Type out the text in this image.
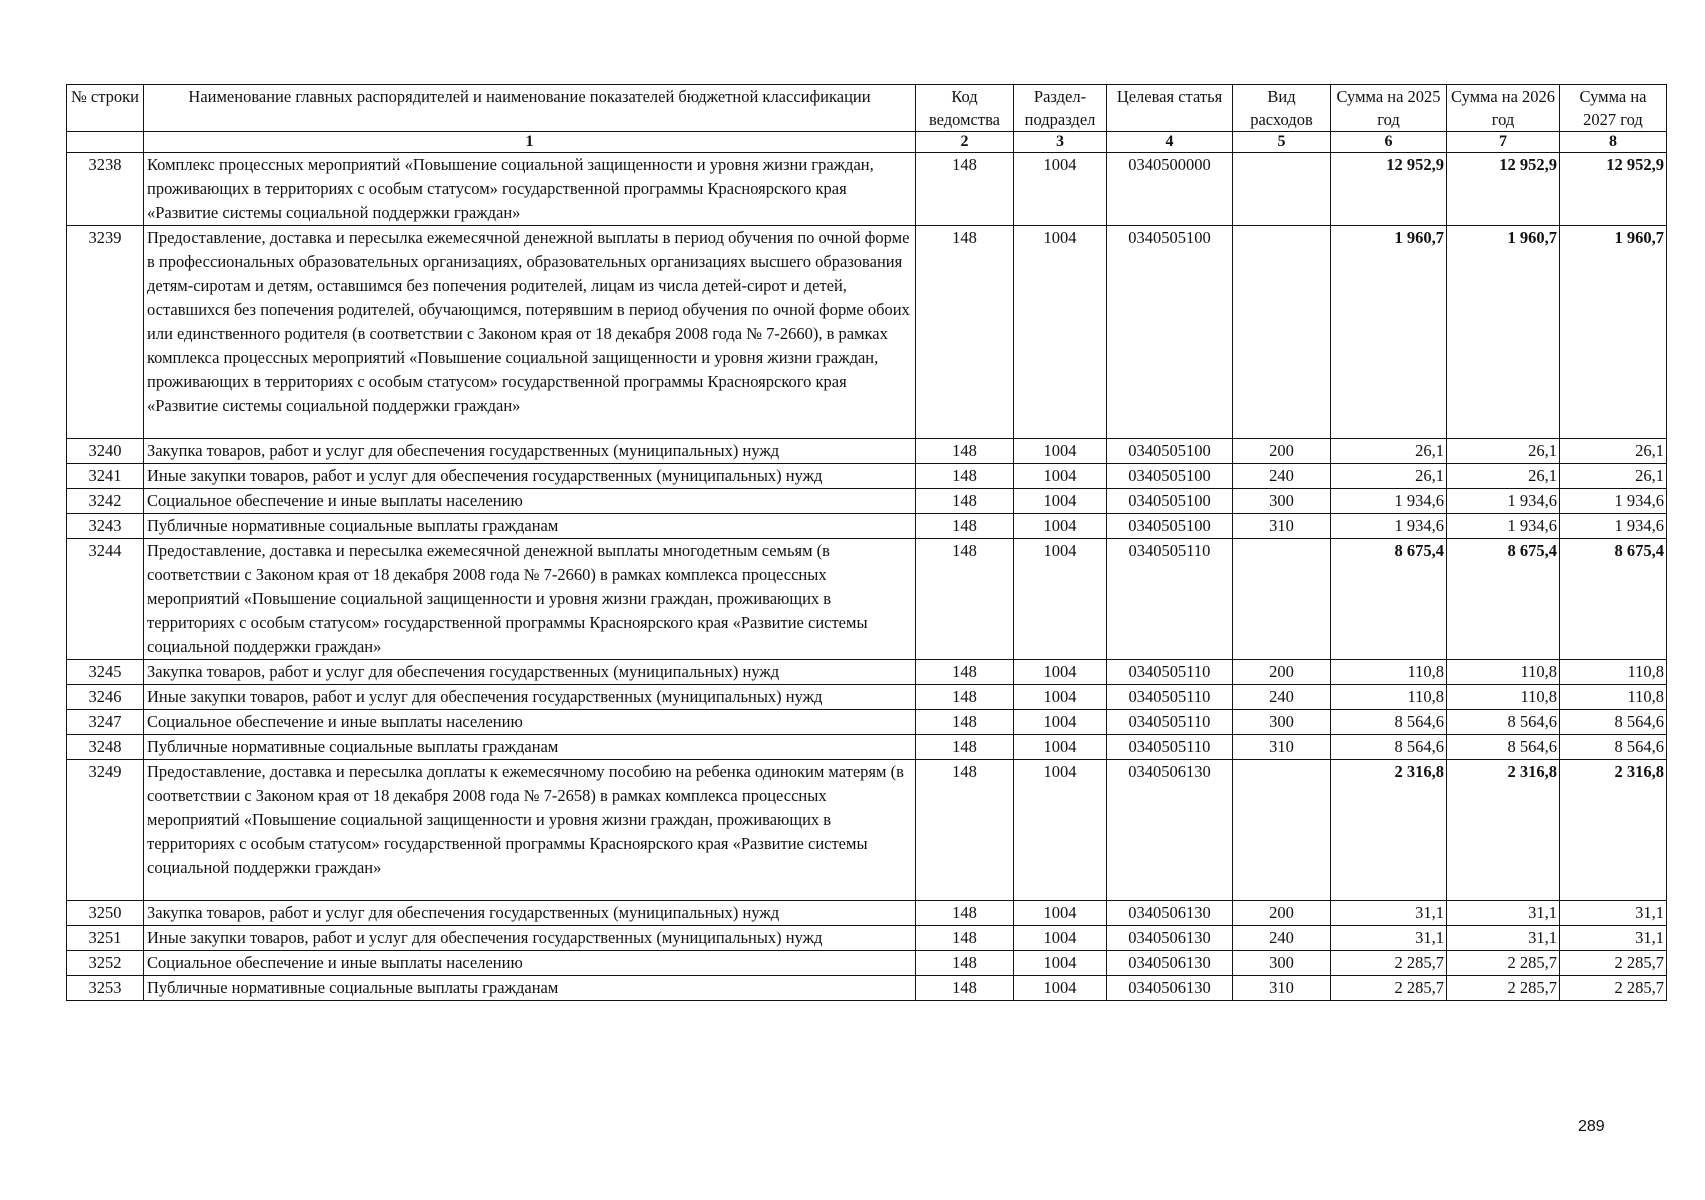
№ строки	Наименование главных распорядителей и наименование показателей бюджетной классификации	Код ведомства	Раздел-подраздел	Целевая статья	Вид расходов	Сумма на 2025 год	Сумма на 2026 год	Сумма на 2027 год
	1	2	3	4	5	6	7	8
3238	Комплекс процессных мероприятий «Повышение социальной защищенности и уровня жизни граждан, проживающих в территориях с особым статусом» государственной программы Красноярского края «Развитие системы социальной поддержки граждан»	148	1004	0340500000		12 952,9	12 952,9	12 952,9
3239	Предоставление, доставка и пересылка ежемесячной денежной выплаты в период обучения по очной форме в профессиональных образовательных организациях, образовательных организациях высшего образования детям-сиротам и детям, оставшимся без попечения родителей, лицам из числа детей-сирот и детей, оставшихся без попечения родителей, обучающимся, потерявшим в период обучения по очной форме обоих или единственного родителя (в соответствии с Законом края от 18 декабря 2008 года № 7-2660), в рамках комплекса процессных мероприятий «Повышение социальной защищенности и уровня жизни граждан, проживающих в территориях с особым статусом» государственной программы Красноярского края «Развитие системы социальной поддержки граждан»	148	1004	0340505100		1 960,7	1 960,7	1 960,7
3240	Закупка товаров, работ и услуг для обеспечения государственных (муниципальных) нужд	148	1004	0340505100	200	26,1	26,1	26,1
3241	Иные закупки товаров, работ и услуг для обеспечения государственных (муниципальных) нужд	148	1004	0340505100	240	26,1	26,1	26,1
3242	Социальное обеспечение и иные выплаты населению	148	1004	0340505100	300	1 934,6	1 934,6	1 934,6
3243	Публичные нормативные социальные выплаты гражданам	148	1004	0340505100	310	1 934,6	1 934,6	1 934,6
3244	Предоставление, доставка и пересылка ежемесячной денежной выплаты многодетным семьям (в соответствии с Законом края от 18 декабря 2008 года № 7-2660) в рамках комплекса процессных мероприятий «Повышение социальной защищенности и уровня жизни граждан, проживающих в территориях с особым статусом» государственной программы Красноярского края «Развитие системы социальной поддержки граждан»	148	1004	0340505110		8 675,4	8 675,4	8 675,4
3245	Закупка товаров, работ и услуг для обеспечения государственных (муниципальных) нужд	148	1004	0340505110	200	110,8	110,8	110,8
3246	Иные закупки товаров, работ и услуг для обеспечения государственных (муниципальных) нужд	148	1004	0340505110	240	110,8	110,8	110,8
3247	Социальное обеспечение и иные выплаты населению	148	1004	0340505110	300	8 564,6	8 564,6	8 564,6
3248	Публичные нормативные социальные выплаты гражданам	148	1004	0340505110	310	8 564,6	8 564,6	8 564,6
3249	Предоставление, доставка и пересылка доплаты к ежемесячному пособию на ребенка одиноким матерям (в соответствии с Законом края от 18 декабря 2008 года № 7-2658) в рамках комплекса процессных мероприятий «Повышение социальной защищенности и уровня жизни граждан, проживающих в территориях с особым статусом» государственной программы Красноярского края «Развитие системы социальной поддержки граждан»	148	1004	0340506130		2 316,8	2 316,8	2 316,8
3250	Закупка товаров, работ и услуг для обеспечения государственных (муниципальных) нужд	148	1004	0340506130	200	31,1	31,1	31,1
3251	Иные закупки товаров, работ и услуг для обеспечения государственных (муниципальных) нужд	148	1004	0340506130	240	31,1	31,1	31,1
3252	Социальное обеспечение и иные выплаты населению	148	1004	0340506130	300	2 285,7	2 285,7	2 285,7
3253	Публичные нормативные социальные выплаты гражданам	148	1004	0340506130	310	2 285,7	2 285,7	2 285,7
289
